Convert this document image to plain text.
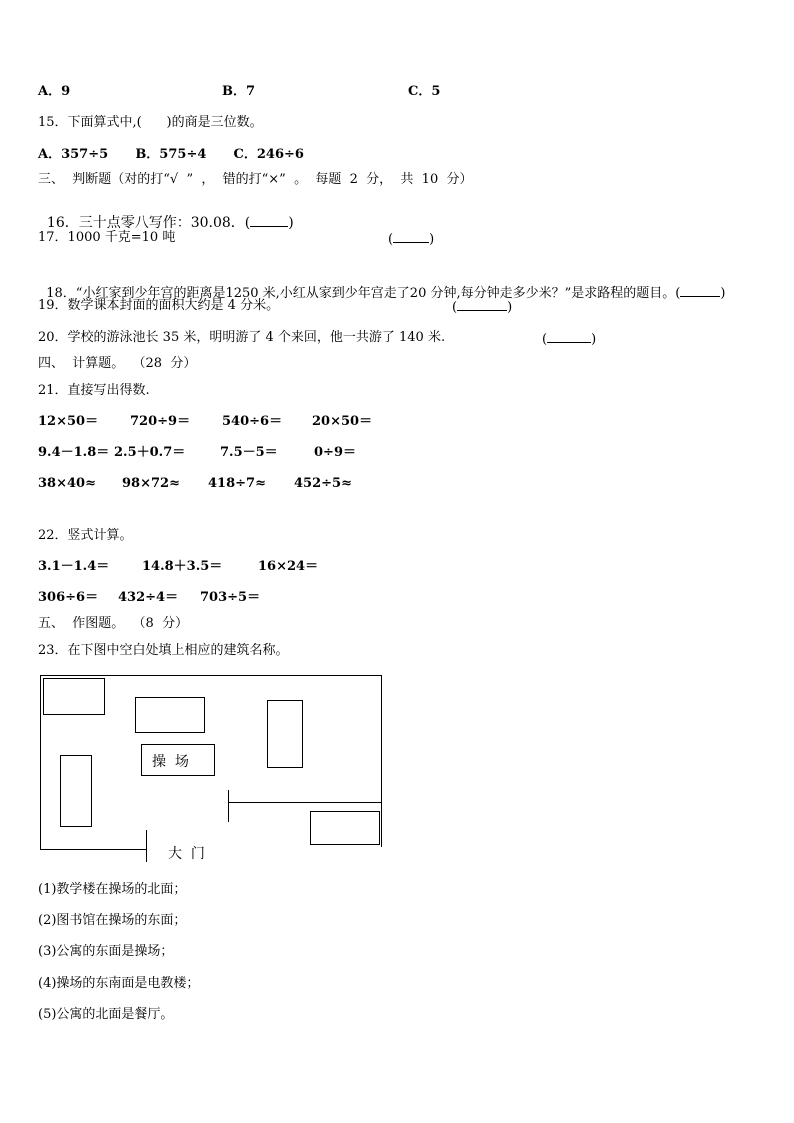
A．9	B．7	C．5
15．下面算式中,(      )的商是三位数。
A．357÷5      B．575÷4      C．246÷6
三、  判断题（对的打“√  ”  ，  错的打“×”  。  每题  2  分，  共  10  分）

16．三十点零八写作：30.08．(	)

17．1000 千克=10 吨	(	)

18．“小红家到少年宫的距离是1250 米,小红从家到少年宫走了20 分钟,每分钟走多少米？”是求路程的题目。(	)

19．数学课本封面的面积大约是 4 分米。	(	)
20．学校的游泳池长 35 米，明明游了 4 个来回，他一共游了 140 米.	(	)
四、  计算题。  （28  分）
21．直接写出得数.
12×50＝ 720÷9＝ 540÷6＝ 20×50＝
9.4－1.8＝ 2.5＋0.7＝	7.5－5＝	0÷9＝
38×40≈ 98×72≈ 418÷7≈ 452÷5≈
22．竖式计算。
3.1－1.4＝	14.8＋3.5＝	16×24＝
306÷6＝ 432÷4＝ 703÷5＝
五、  作图题。  （8  分）
23．在下图中空白处填上相应的建筑名称。
操  场
大  门
(1)教学楼在操场的北面；
(2)图书馆在操场的东面；
(3)公寓的东面是操场；
(4)操场的东南面是电教楼；
(5)公寓的北面是餐厅。
